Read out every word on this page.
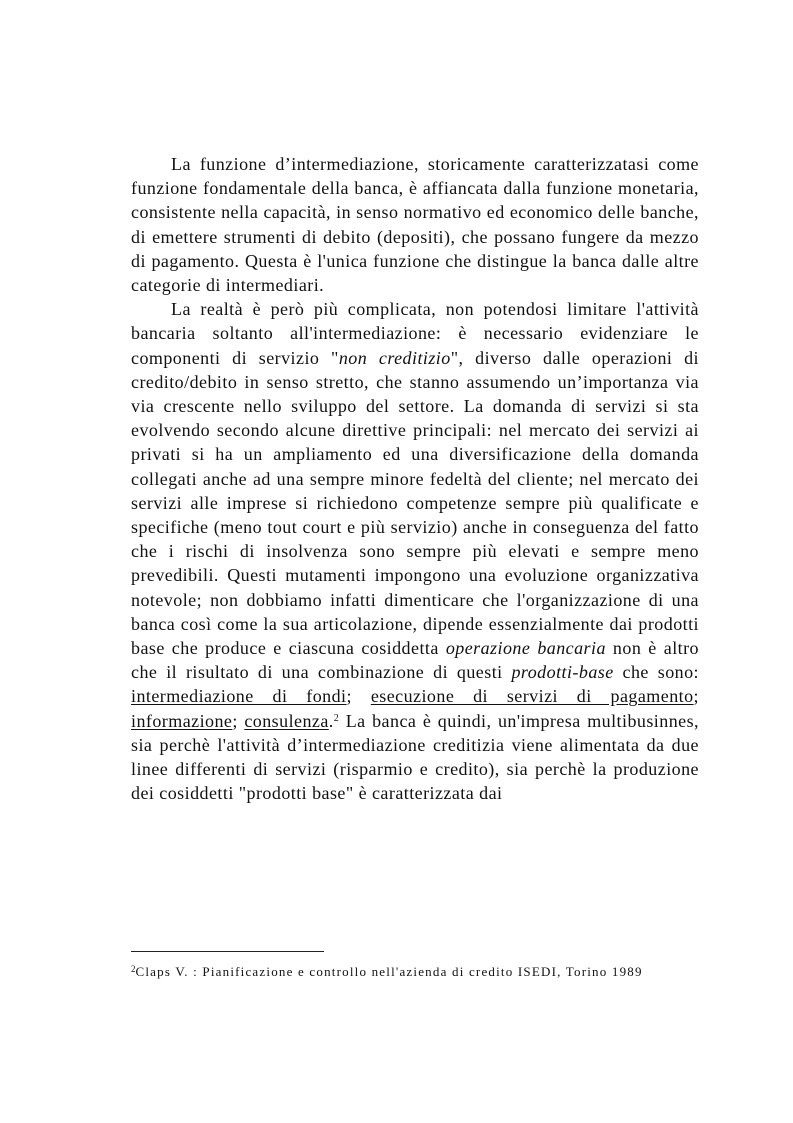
La funzione d’intermediazione, storicamente caratterizzatasi come funzione fondamentale della banca, è affiancata dalla funzione monetaria, consistente nella capacità, in senso normativo ed economico delle banche, di emettere strumenti di debito (depositi), che possano fungere da mezzo di pagamento. Questa è l'unica funzione che distingue la banca dalle altre categorie di intermediari.

La realtà è però più complicata, non potendosi limitare l'attività bancaria soltanto all'intermediazione: è necessario evidenziare le componenti di servizio "non creditizio", diverso dalle operazioni di credito/debito in senso stretto, che stanno assumendo un’importanza via via crescente nello sviluppo del settore. La domanda di servizi si sta evolvendo secondo alcune direttive principali: nel mercato dei servizi ai privati si ha un ampliamento ed una diversificazione della domanda collegati anche ad una sempre minore fedeltà del cliente; nel mercato dei servizi alle imprese si richiedono competenze sempre più qualificate e specifiche (meno tout court e più servizio) anche in conseguenza del fatto che i rischi di insolvenza sono sempre più elevati e sempre meno prevedibili. Questi mutamenti impongono una evoluzione organizzativa notevole; non dobbiamo infatti dimenticare che l'organizzazione di una banca così come la sua articolazione, dipende essenzialmente dai prodotti base che produce e ciascuna cosiddetta operazione bancaria non è altro che il risultato di una combinazione di questi prodotti-base che sono: intermediazione di fondi; esecuzione di servizi di pagamento; informazione; consulenza.$^2$ La banca è quindi, un'impresa multibusinnes, sia perchè l'attività d’intermediazione creditizia viene alimentata da due linee differenti di servizi (risparmio e credito), sia perchè la produzione dei cosiddetti "prodotti base" è caratterizzata dai

$^2$Claps V. : Pianificazione e controllo nell'azienda di credito ISEDI, Torino 1989
